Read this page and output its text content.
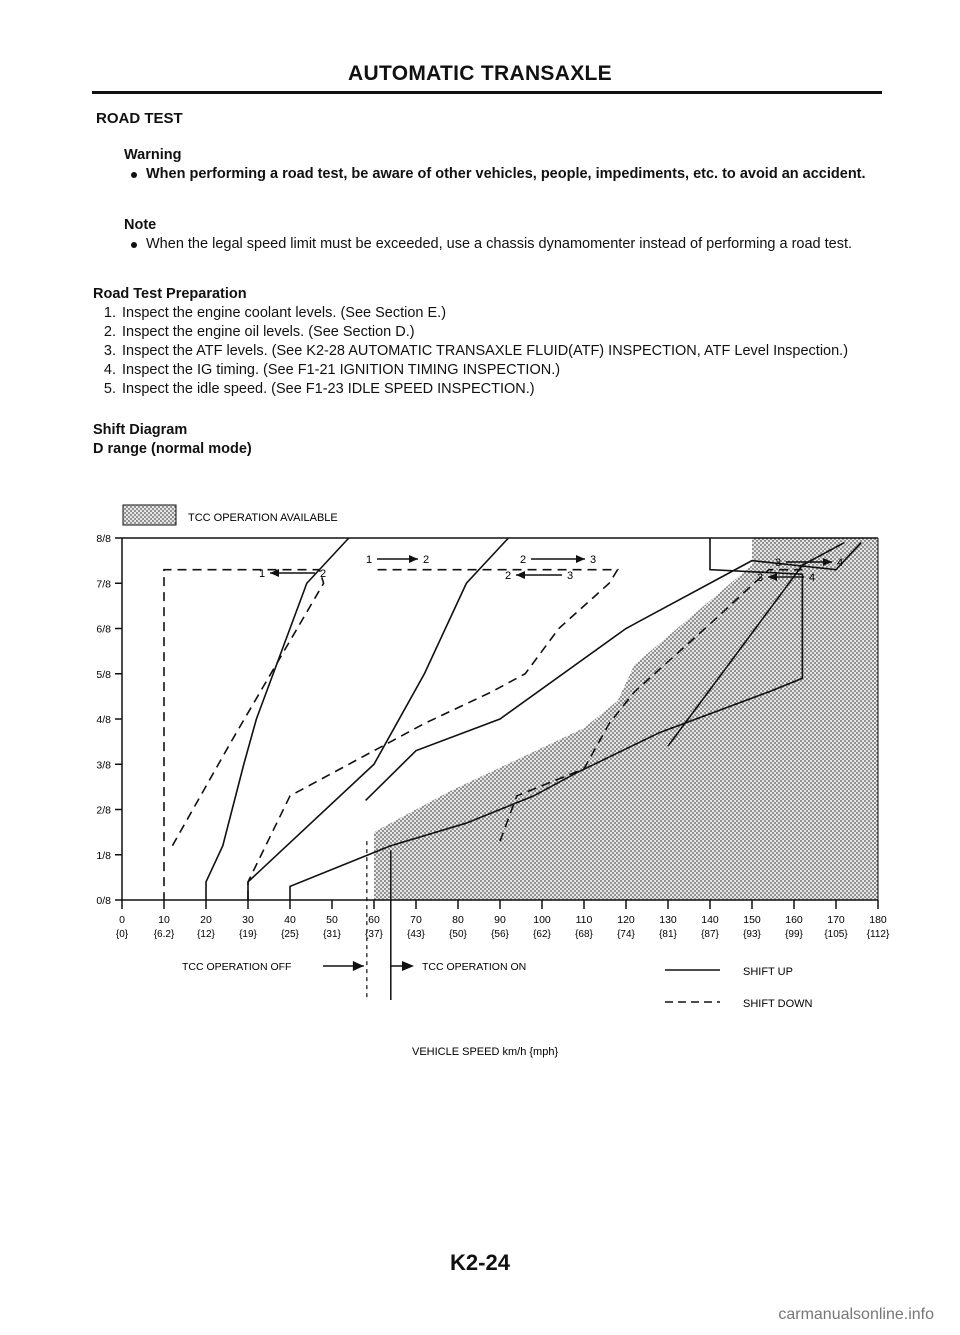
AUTOMATIC TRANSAXLE
ROAD TEST
Warning
When performing a road test, be aware of other vehicles, people, impediments, etc. to avoid an accident.
Note
When the legal speed limit must be exceeded, use a chassis dynamomenter instead of performing a road test.
Road Test Preparation
1. Inspect the engine coolant levels. (See Section E.)
2. Inspect the engine oil levels. (See Section D.)
3. Inspect the ATF levels. (See K2-28 AUTOMATIC TRANSAXLE FLUID(ATF) INSPECTION, ATF Level Inspection.)
4. Inspect the IG timing. (See F1-21 IGNITION TIMING INSPECTION.)
5. Inspect the idle speed. (See F1-23 IDLE SPEED INSPECTION.)
Shift Diagram
D range (normal mode)
0/8
1/8
2/8
3/8
4/8
5/8
6/8
7/8
8/8
0
{0}
10
{6.2}
20
{12}
30
{19}
40
{25}
50
{31}
60
{37}
70
{43}
80
{50}
90
{56}
100
{62}
110
{68}
120
{74}
130
{81}
140
{87}
150
{93}
160
{99}
170
{105}
180
{112}
1	2
1	2	2	3
2	3
3	4
3	4
TCC OPERATION AVAILABLE
SHIFT UP
SHIFT DOWN
TCC OPERATION OFF	TCC OPERATION ON
VEHICLE SPEED km/h {mph}
K2-24
carmanualsonline.info
